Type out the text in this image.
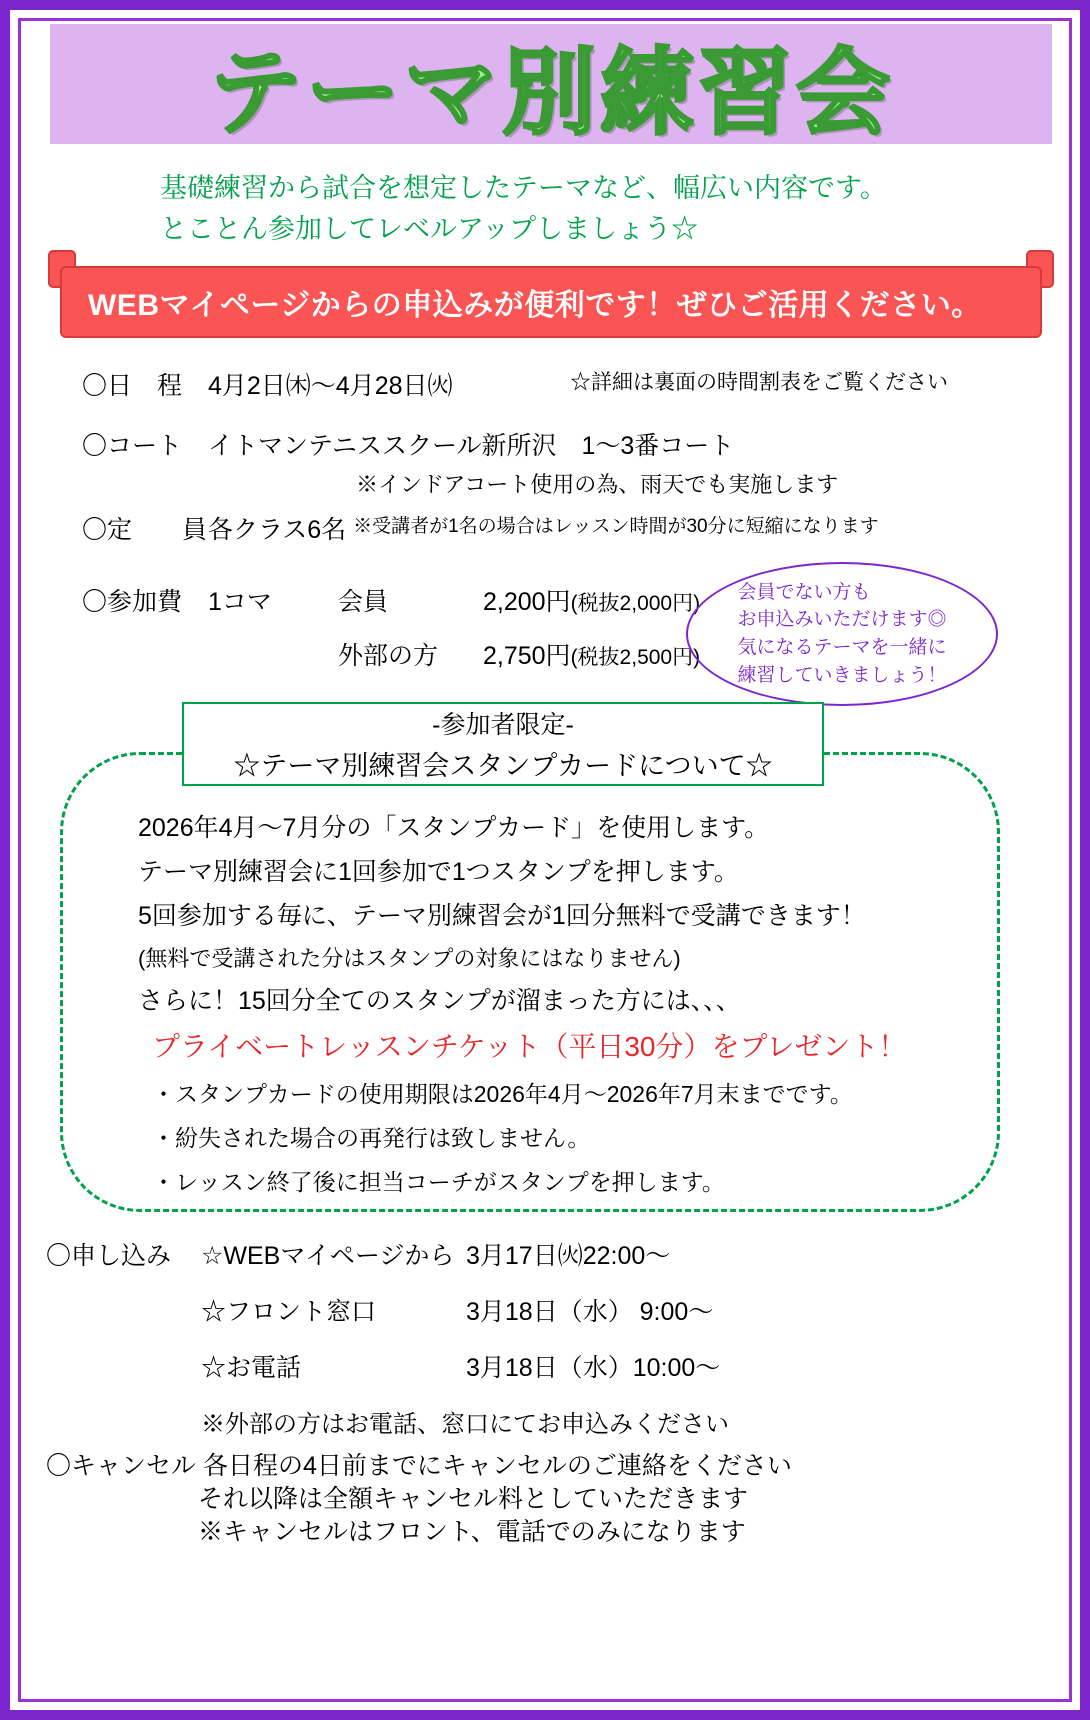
テーマ別練習会
基礎練習から試合を想定したテーマなど、幅広い内容です。
とことん参加してレベルアップしましょう☆
WEBマイページからの申込みが便利です！ぜひご活用ください。
〇日　程 4月2日㈭〜4月28日㈫	☆詳細は裏面の時間割表をご覧ください
〇コート イトマンテニススクール新所沢　1〜3番コート
※インドアコート使用の為、雨天でも実施します
〇定　　員各クラス6名 ※受講者が1名の場合はレッスン時間が30分に短縮になります
〇参加費 1コマ	会員	2,200円(税抜2,000円)
外部の方 2,750円(税抜2,500円)
会員でない方も
お申込みいただけます◎
気になるテーマを一緒に
練習していきましょう！
-参加者限定-
☆テーマ別練習会スタンプカードについて☆

2026年4月〜7月分の「スタンプカード」を使用します。

テーマ別練習会に1回参加で1つスタンプを押します。

5回参加する毎に、テーマ別練習会が1回分無料で受講できます！

(無料で受講された分はスタンプの対象にはなりません)

さらに！15回分全てのスタンプが溜まった方には、、、

プライベートレッスンチケット（平日30分）をプレゼント！

・スタンプカードの使用期限は2026年4月〜2026年7月末までです。

・紛失された場合の再発行は致しません。

・レッスン終了後に担当コーチがスタンプを押します。

〇申し込み ☆WEBマイページから 3月17日㈫22:00〜
☆フロント窓口	3月18日（水） 9:00〜
☆お電話	3月18日（水）10:00〜
※外部の方はお電話、窓口にてお申込みください
〇キャンセル 各日程の4日前までにキャンセルのご連絡をください
それ以降は全額キャンセル料としていただきます
※キャンセルはフロント、電話でのみになります
